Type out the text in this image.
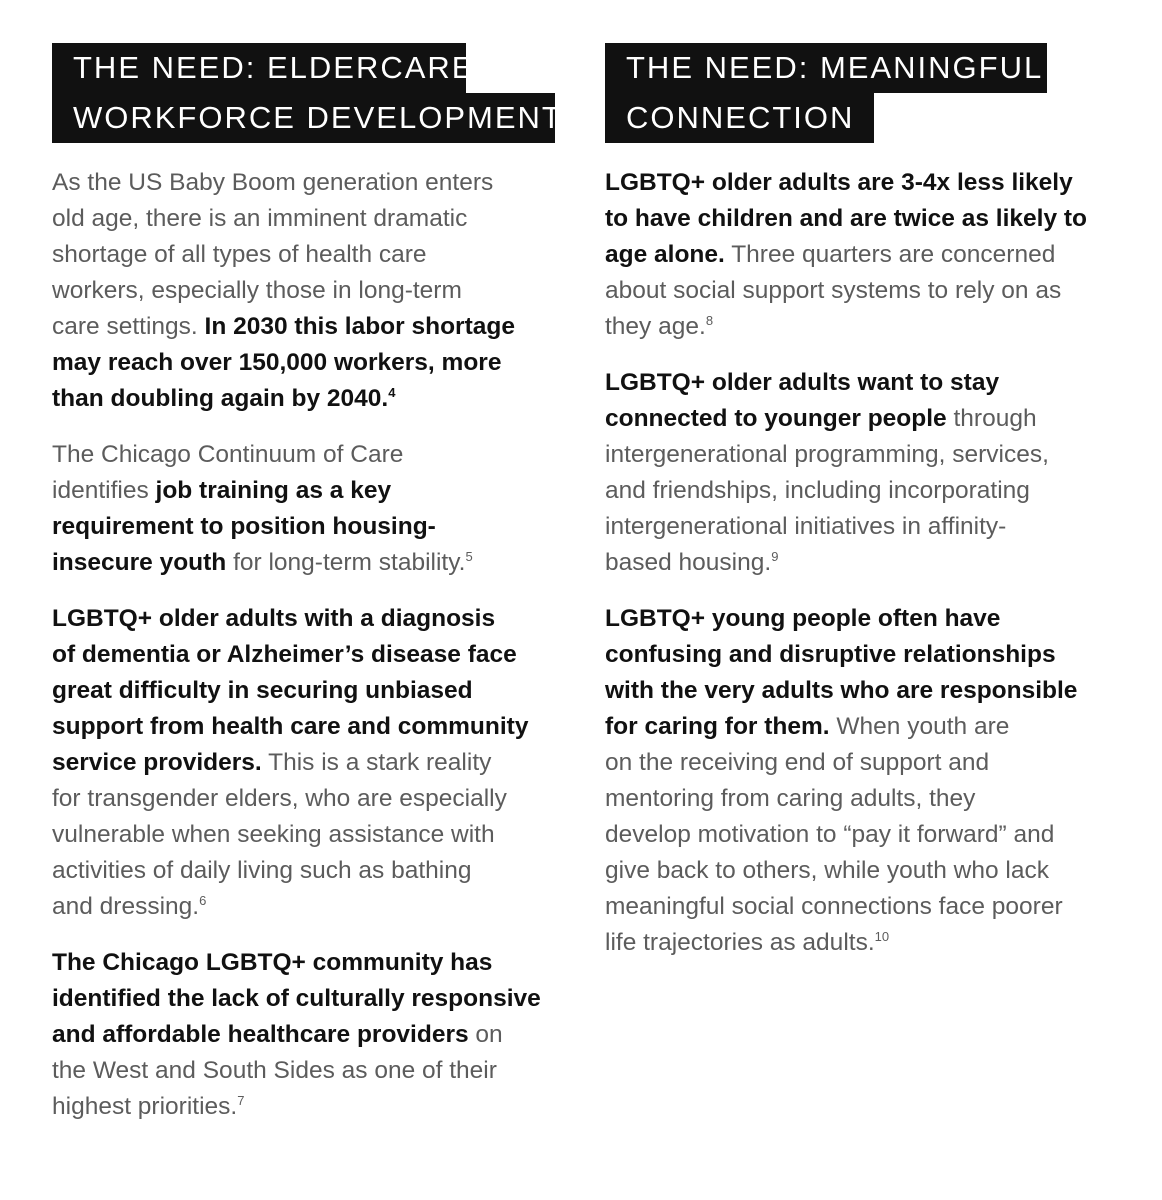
THE NEED: ELDERCARE
WORKFORCE DEVELOPMENT

As the US Baby Boom generation enters
old age, there is an imminent dramatic
shortage of all types of health care
workers, especially those in long-term
care settings. In 2030 this labor shortage
may reach over 150,000 workers, more
than doubling again by 2040.$^4$

The Chicago Continuum of Care
identifies job training as a key
requirement to position housing-
insecure youth for long-term stability.$^5$

LGBTQ+ older adults with a diagnosis
of dementia or Alzheimer’s disease face
great difficulty in securing unbiased
support from health care and community
service providers. This is a stark reality
for transgender elders, who are especially
vulnerable when seeking assistance with
activities of daily living such as bathing
and dressing.$^6$

The Chicago LGBTQ+ community has
identified the lack of culturally responsive
and affordable healthcare providers on
the West and South Sides as one of their
highest priorities.$^7$

THE NEED: MEANINGFUL
CONNECTION

LGBTQ+ older adults are 3-4x less likely
to have children and are twice as likely to
age alone. Three quarters are concerned
about social support systems to rely on as
they age.$^8$

LGBTQ+ older adults want to stay
connected to younger people through
intergenerational programming, services,
and friendships, including incorporating
intergenerational initiatives in affinity-
based housing.$^9$

LGBTQ+ young people often have
confusing and disruptive relationships
with the very adults who are responsible
for caring for them. When youth are
on the receiving end of support and
mentoring from caring adults, they
develop motivation to “pay it forward” and
give back to others, while youth who lack
meaningful social connections face poorer
life trajectories as adults.$^{10}$
